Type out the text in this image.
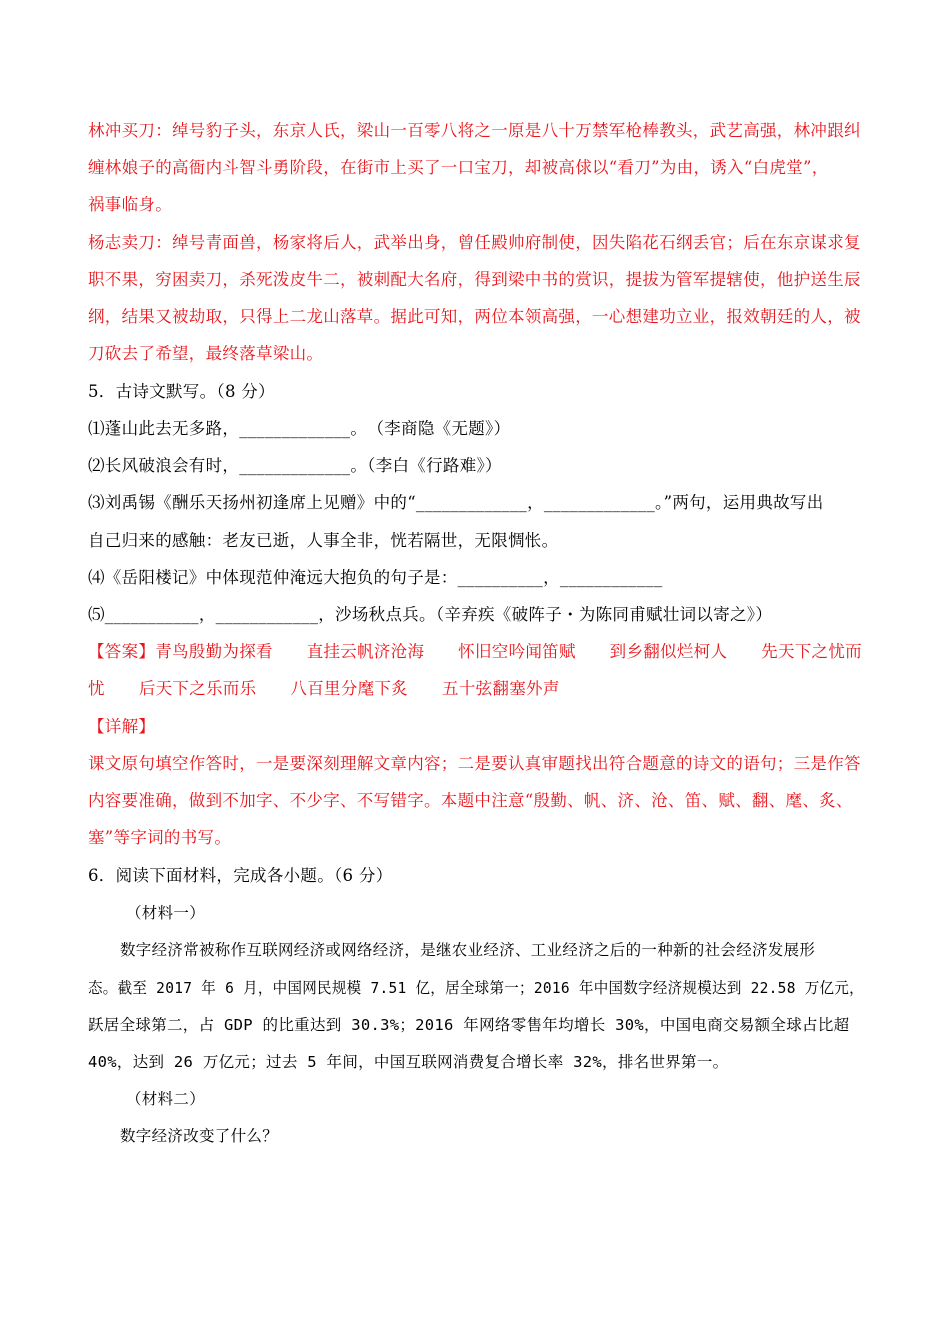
林冲买刀：绰号豹子头，东京人氏，梁山一百零八将之一原是八十万禁军枪棒教头，武艺高强，林冲跟纠
缠林娘子的高衙内斗智斗勇阶段，在街市上买了一口宝刀，却被高俅以“看刀”为由，诱入“白虎堂”，
祸事临身。
杨志卖刀：绰号青面兽，杨家将后人，武举出身，曾任殿帅府制使，因失陷花石纲丢官；后在东京谋求复
职不果，穷困卖刀，杀死泼皮牛二，被刺配大名府，得到梁中书的赏识，提拔为管军提辖使，他护送生辰
纲，结果又被劫取，只得上二龙山落草。据此可知，两位本领高强，一心想建功立业，报效朝廷的人，被
刀砍去了希望，最终落草梁山。
5．古诗文默写。（8 分）
⑴蓬山此去无多路，_____________。　（李商隐《无题》）
⑵长风破浪会有时，_____________。（李白《行路难》）
⑶刘禹锡《酬乐天扬州初逢席上见赠》中的“_____________，_____________。”两句，运用典故写出
自己归来的感触：老友已逝，人事全非，恍若隔世，无限惆怅。
⑷《岳阳楼记》中体现范仲淹远大抱负的句子是：__________，____________
⑸___________，____________，沙场秋点兵。（辛弃疾《破阵子・为陈同甫赋壮词以寄之》）
【答案】青鸟殷勤为探看 直挂云帆济沧海 怀旧空吟闻笛赋 到乡翻似烂柯人 先天下之忧而
忧 后天下之乐而乐 八百里分麾下炙 五十弦翻塞外声
【详解】
课文原句填空作答时，一是要深刻理解文章内容；二是要认真审题找出符合题意的诗文的语句；三是作答
内容要准确，做到不加字、不少字、不写错字。本题中注意“殷勤、帆、济、沧、笛、赋、翻、麾、炙、
塞”等字词的书写。
6．阅读下面材料，完成各小题。（6 分）
（材料一）
数字经济常被称作互联网经济或网络经济，是继农业经济、工业经济之后的一种新的社会经济发展形
态。截至 2017 年 6 月，中国网民规模 7.51 亿，居全球第一；2016 年中国数字经济规模达到 22.58 万亿元，
跃居全球第二，占 GDP 的比重达到 30.3%；2016 年网络零售年均增长 30%，中国电商交易额全球占比超
40%，达到 26 万亿元；过去 5 年间，中国互联网消费复合增长率 32%，排名世界第一。
（材料二）
数字经济改变了什么？
